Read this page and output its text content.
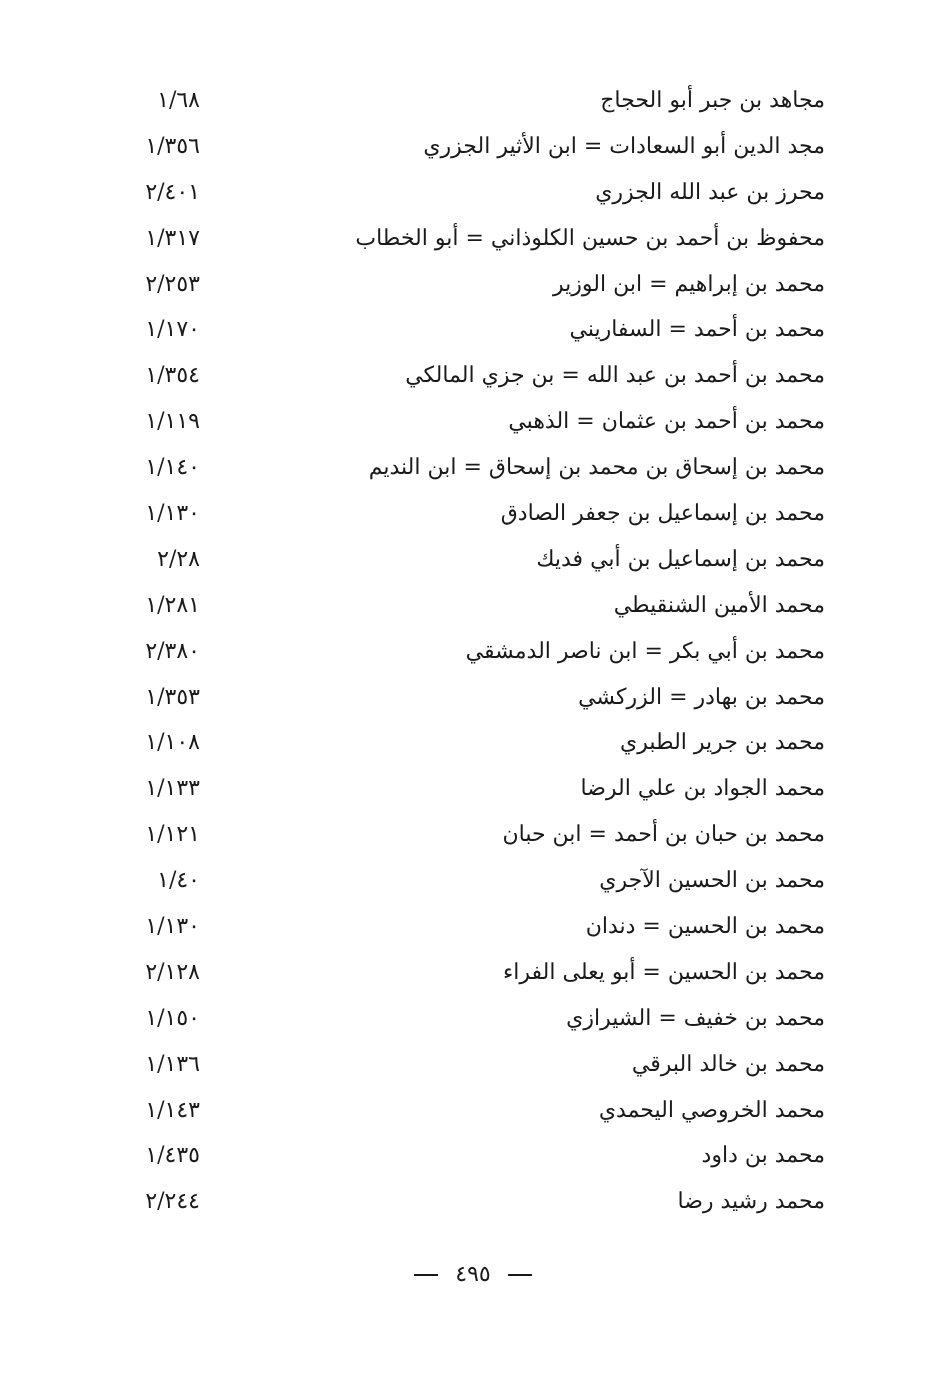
مجاهد بن جبر أبو الحجاج
١/٦٨
مجد الدين أبو السعادات = ابن الأثير الجزري
١/٣٥٦
محرز بن عبد الله الجزري
٢/٤٠١
محفوظ بن أحمد بن حسين الكلوذاني = أبو الخطاب
١/٣١٧
محمد بن إبراهيم = ابن الوزير
٢/٢٥٣
محمد بن أحمد = السفاريني
١/١٧٠
محمد بن أحمد بن عبد الله = بن جزي المالكي
١/٣٥٤
محمد بن أحمد بن عثمان = الذهبي
١/١١٩
محمد بن إسحاق بن محمد بن إسحاق = ابن النديم
١/١٤٠
محمد بن إسماعيل بن جعفر الصادق
١/١٣٠
محمد بن إسماعيل بن أبي فديك
٢/٢٨
محمد الأمين الشنقيطي
١/٢٨١
محمد بن أبي بكر = ابن ناصر الدمشقي
٢/٣٨٠
محمد بن بهادر = الزركشي
١/٣٥٣
محمد بن جرير الطبري
١/١٠٨
محمد الجواد بن علي الرضا
١/١٣٣
محمد بن حبان بن أحمد = ابن حبان
١/١٢١
محمد بن الحسين الآجري
١/٤٠
محمد بن الحسين = دندان
١/١٣٠
محمد بن الحسين = أبو يعلى الفراء
٢/١٢٨
محمد بن خفيف = الشيرازي
١/١٥٠
محمد بن خالد البرقي
١/١٣٦
محمد الخروصي اليحمدي
١/١٤٣
محمد بن داود
١/٤٣٥
محمد رشيد رضا
٢/٢٤٤
٤٩٥
